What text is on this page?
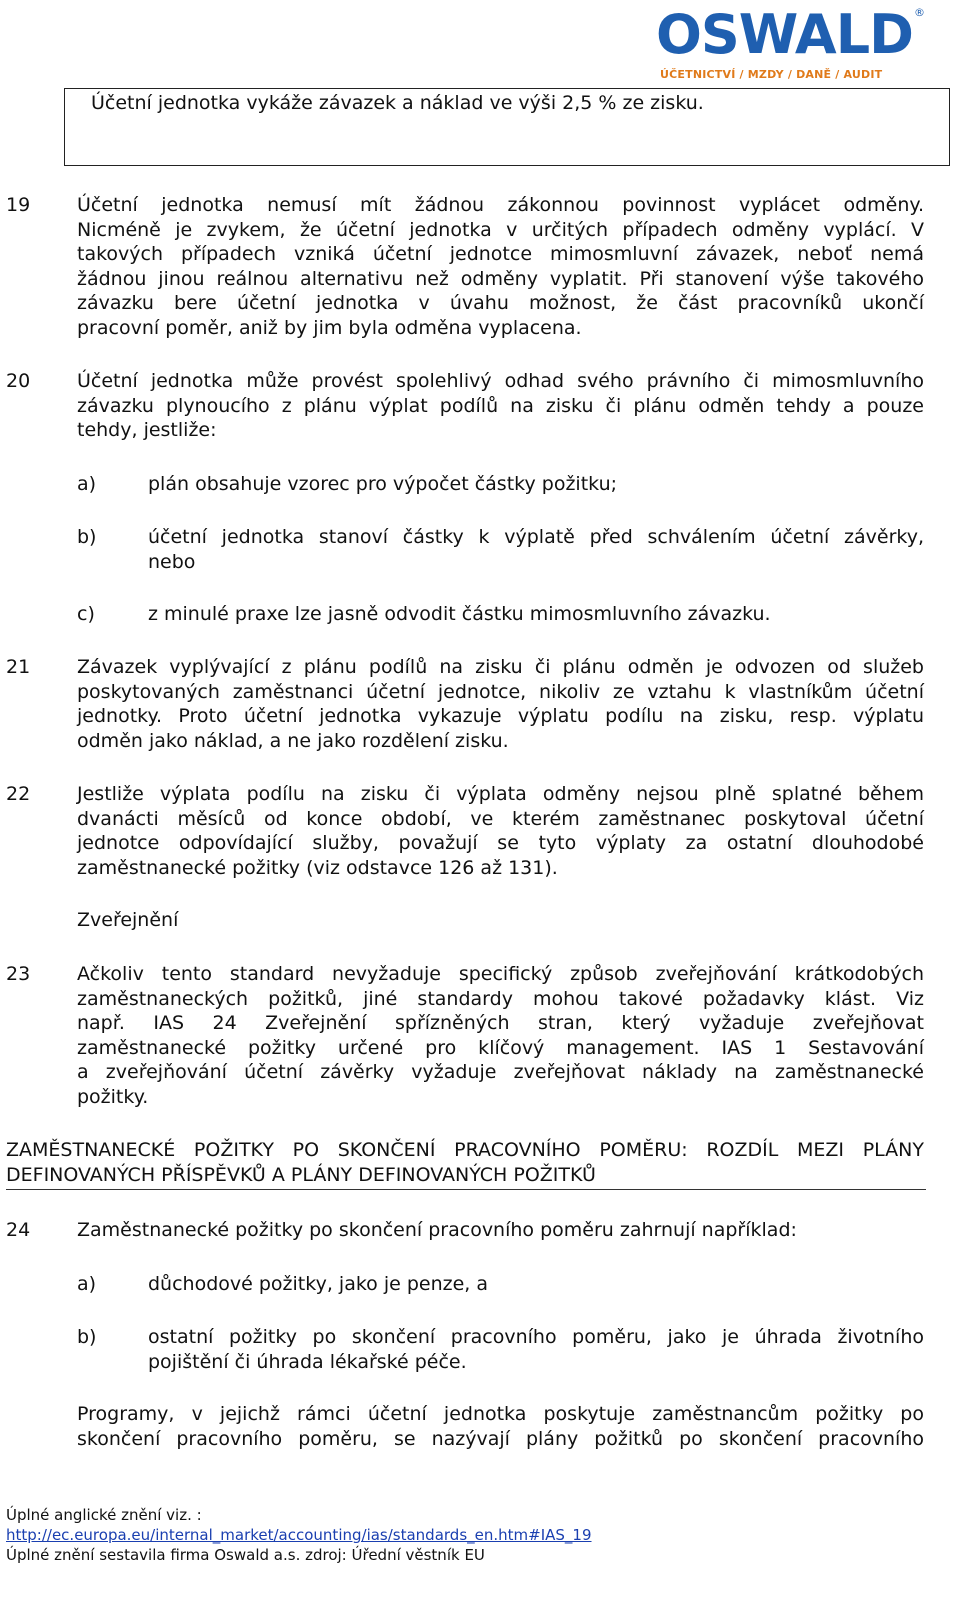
OSWALD ®
ÚČETNICTVÍ / MZDY / DANĚ / AUDIT
Účetní jednotka vykáže závazek a náklad ve výši 2,5 % ze zisku.
19 Účetní jednotka nemusí mít žádnou zákonnou povinnost vyplácet odměny.
Nicméně je zvykem, že účetní jednotka v určitých případech odměny vyplácí. V
takových případech vzniká účetní jednotce mimosmluvní závazek, neboť nemá
žádnou jinou reálnou alternativu než odměny vyplatit. Při stanovení výše takového
závazku bere účetní jednotka v úvahu možnost, že část pracovníků ukončí
pracovní poměr, aniž by jim byla odměna vyplacena.
20 Účetní jednotka může provést spolehlivý odhad svého právního či mimosmluvního
závazku plynoucího z plánu výplat podílů na zisku či plánu odměn tehdy a pouze
tehdy, jestliže:
a)	plán obsahuje vzorec pro výpočet částky požitku;
b)	účetní jednotka stanoví částky k výplatě před schválením účetní závěrky,
nebo
c)	z minulé praxe lze jasně odvodit částku mimosmluvního závazku.
21 Závazek vyplývající z plánu podílů na zisku či plánu odměn je odvozen od služeb
poskytovaných zaměstnanci účetní jednotce, nikoliv ze vztahu k vlastníkům účetní
jednotky. Proto účetní jednotka vykazuje výplatu podílu na zisku, resp. výplatu
odměn jako náklad, a ne jako rozdělení zisku.
22 Jestliže výplata podílu na zisku či výplata odměny nejsou plně splatné během
dvanácti měsíců od konce období, ve kterém zaměstnanec poskytoval účetní
jednotce odpovídající služby, považují se tyto výplaty za ostatní dlouhodobé
zaměstnanecké požitky (viz odstavce 126 až 131).
Zveřejnění
23 Ačkoliv tento standard nevyžaduje specifický způsob zveřejňování krátkodobých
zaměstnaneckých požitků, jiné standardy mohou takové požadavky klást. Viz
např. IAS 24 Zveřejnění spřízněných stran, který vyžaduje zveřejňovat
zaměstnanecké požitky určené pro klíčový management. IAS 1 Sestavování
a zveřejňování účetní závěrky vyžaduje zveřejňovat náklady na zaměstnanecké
požitky.
ZAMĚSTNANECKÉ POŽITKY PO SKONČENÍ PRACOVNÍHO POMĚRU: ROZDÍL MEZI PLÁNY
DEFINOVANÝCH PŘÍSPĚVKŮ A PLÁNY DEFINOVANÝCH POŽITKŮ
24 Zaměstnanecké požitky po skončení pracovního poměru zahrnují například:
a)	důchodové požitky, jako je penze, a
b)	ostatní požitky po skončení pracovního poměru, jako je úhrada životního
pojištění či úhrada lékařské péče.
Programy, v jejichž rámci účetní jednotka poskytuje zaměstnancům požitky po
skončení pracovního poměru, se nazývají plány požitků po skončení pracovního
Úplné anglické znění viz. :
http://ec.europa.eu/internal_market/accounting/ias/standards_en.htm#IAS_19
Úplné znění sestavila firma Oswald a.s. zdroj: Úřední věstník EU
